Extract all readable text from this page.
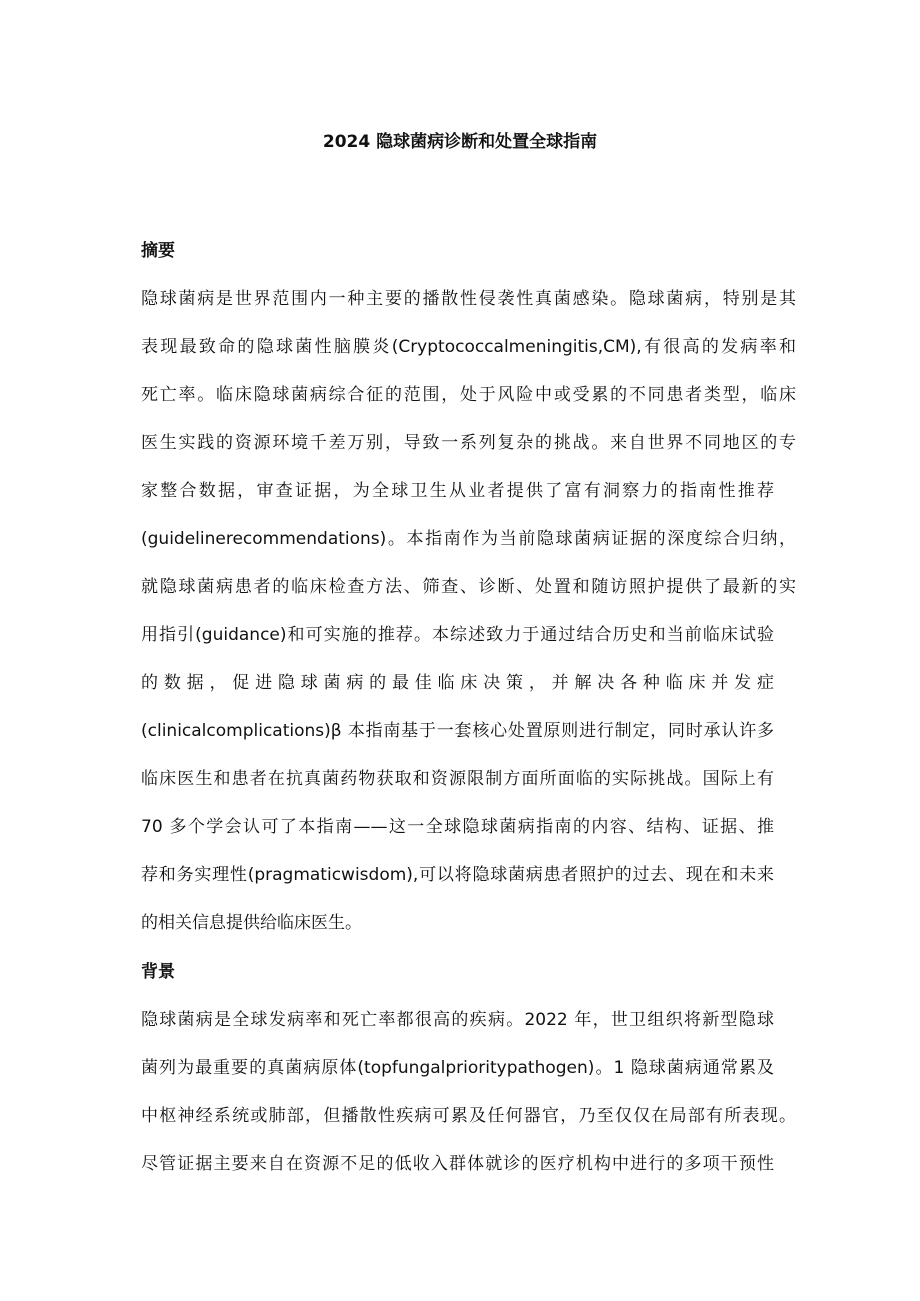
2024 隐球菌病诊断和处置全球指南
摘要
隐球菌病是世界范围内一种主要的播散性侵袭性真菌感染。隐球菌病，特别是其
表现最致命的隐球菌性脑膜炎(Cryptococcalmeningitis,CM),有很高的发病率和
死亡率。临床隐球菌病综合征的范围，处于风险中或受累的不同患者类型，临床
医生实践的资源环境千差万别，导致一系列复杂的挑战。来自世界不同地区的专
家整合数据，审查证据，为全球卫生从业者提供了富有洞察力的指南性推荐
(guidelinerecommendations)。本指南作为当前隐球菌病证据的深度综合归纳，
就隐球菌病患者的临床检查方法、筛查、诊断、处置和随访照护提供了最新的实
用指引(guidance)和可实施的推荐。本综述致力于通过结合历史和当前临床试验
的 数 据 ， 促 进 隐 球 菌 病 的 最 佳 临 床 决 策 ， 并 解 决 各 种 临 床 并 发 症
(clinicalcomplications)β 本指南基于一套核心处置原则进行制定，同时承认许多
临床医生和患者在抗真菌药物获取和资源限制方面所面临的实际挑战。国际上有
70 多个学会认可了本指南——这一全球隐球菌病指南的内容、结构、证据、推
荐和务实理性(pragmaticwisdom),可以将隐球菌病患者照护的过去、现在和未来
的相关信息提供给临床医生。
背景
隐球菌病是全球发病率和死亡率都很高的疾病。2022 年，世卫组织将新型隐球
菌列为最重要的真菌病原体(topfungalprioritypathogen)。1 隐球菌病通常累及
中枢神经系统或肺部，但播散性疾病可累及任何器官，乃至仅仅在局部有所表现。
尽管证据主要来自在资源不足的低收入群体就诊的医疗机构中进行的多项干预性
